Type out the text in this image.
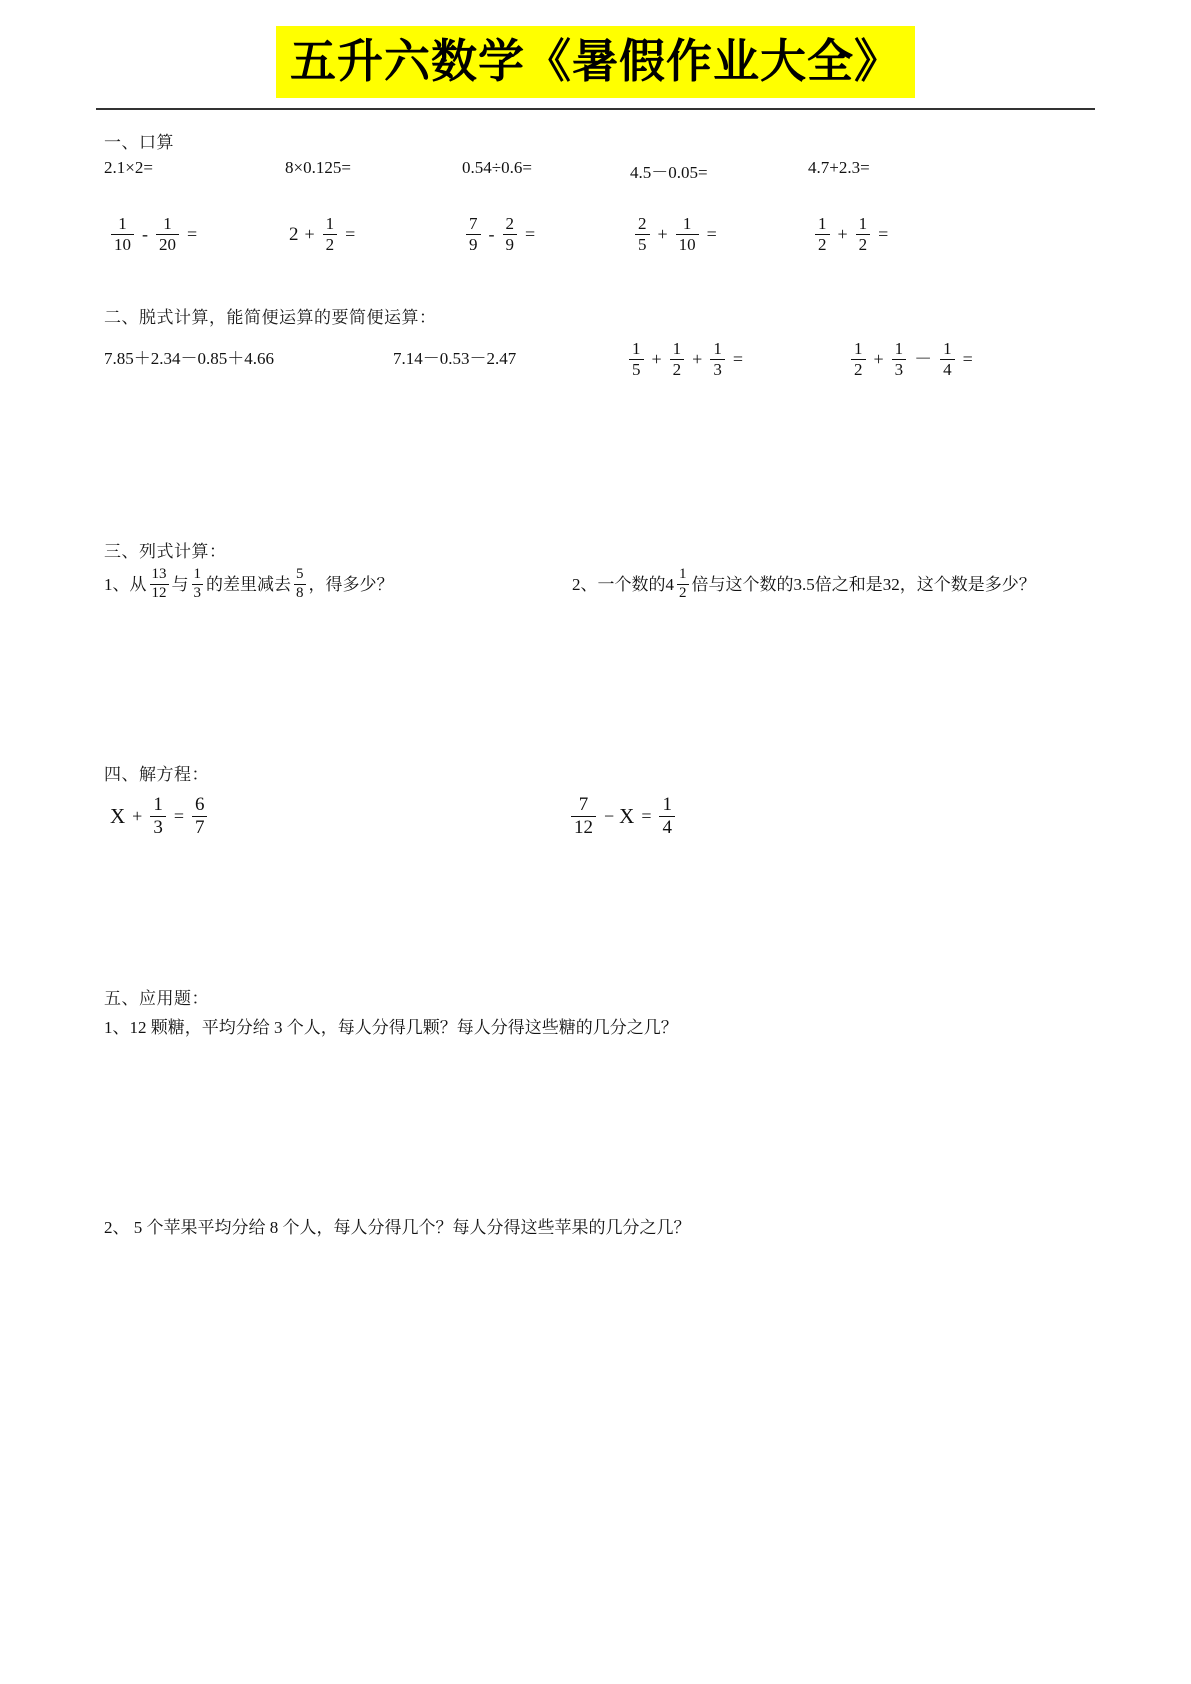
五升六数学《暑假作业大全》
一、口算
2.1×2=	8×0.125=	0.54÷0.6=	4.5－0.05=	4.7+2.3=
$\frac{1}{10} - \frac{1}{20}$ =	$2 + \frac{1}{2}$ =	$\frac{7}{9} - \frac{2}{9}$ =	$\frac{2}{5} + \frac{1}{10}$ =	$\frac{1}{2} + \frac{1}{2}$ =
二、脱式计算，能简便运算的要简便运算：
7.85＋2.34－0.85＋4.66	7.14－0.53－2.47	$\frac{1}{5} + \frac{1}{2} + \frac{1}{3}$ =	$\frac{1}{2} + \frac{1}{3} - \frac{1}{4}$ =
三、列式计算：
1、从 $\frac{13}{12}$ 与 $\frac{1}{3}$ 的差里减去 $\frac{5}{8}$ ，得多少？	2、一个数的$4 \frac{1}{2}$ 倍与这个数的3.5倍之和是32，这个数是多少？
四、解方程：
$X + \frac{1}{3} = \frac{6}{7}$	$\frac{7}{12} - X = \frac{1}{4}$
五、应用题：
1、12 颗糖，平均分给 3 个人，每人分得几颗？每人分得这些糖的几分之几？
2、 5 个苹果平均分给 8 个人，每人分得几个？每人分得这些苹果的几分之几？
